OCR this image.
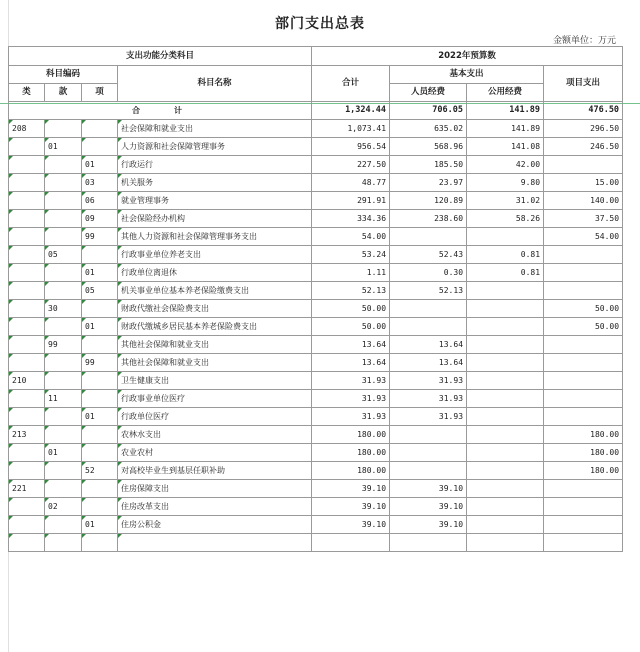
部门支出总表
金额单位：万元
支出功能分类科目				2022年预算数			
科目编码			科目名称	合计	基本支出		项目支出
类	款	项			人员经费	公用经费	
合　　计				1,324.44	706.05	141.89	476.50
208			社会保障和就业支出	1,073.41	635.02	141.89	296.50
	01		人力资源和社会保障管理事务	956.54	568.96	141.08	246.50
		01	行政运行	227.50	185.50	42.00	
		03	机关服务	48.77	23.97	9.80	15.00
		06	就业管理事务	291.91	120.89	31.02	140.00
		09	社会保险经办机构	334.36	238.60	58.26	37.50
		99	其他人力资源和社会保障管理事务支出	54.00			54.00
	05		行政事业单位养老支出	53.24	52.43	0.81	
		01	行政单位离退休	1.11	0.30	0.81	
		05	机关事业单位基本养老保险缴费支出	52.13	52.13		
	30		财政代缴社会保险费支出	50.00			50.00
		01	财政代缴城乡居民基本养老保险费支出	50.00			50.00
	99		其他社会保障和就业支出	13.64	13.64		
		99	其他社会保障和就业支出	13.64	13.64		
210			卫生健康支出	31.93	31.93		
	11		行政事业单位医疗	31.93	31.93		
		01	行政单位医疗	31.93	31.93		
213			农林水支出	180.00			180.00
	01		农业农村	180.00			180.00
		52	对高校毕业生到基层任职补助	180.00			180.00
221			住房保障支出	39.10	39.10		
	02		住房改革支出	39.10	39.10		
		01	住房公积金	39.10	39.10		
